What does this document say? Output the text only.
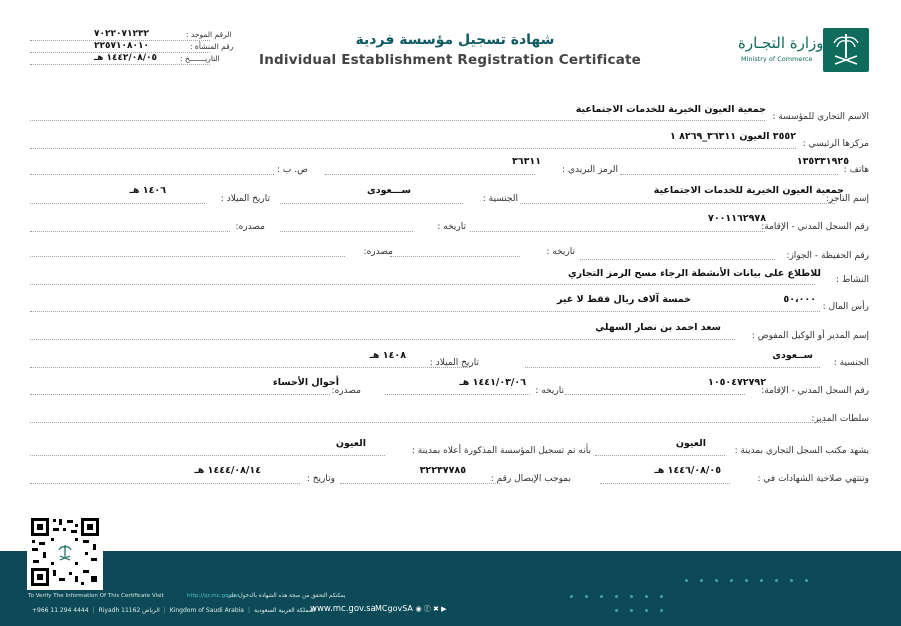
٧٠٢٢٠٧١٢٣٢	الرقم الموحد :
٢٢٥٧١٠٨٠١٠	رقم المنشأة :
١٤٤٢/٠٨/٠٥ هـ	التاريـــــــخ :
شهادة تسجيل مؤسسة فردية
Individual Establishment Registration Certificate
وزارة التجـارة
Ministry of Commerce
الاسم التجاري للمؤسسة :
جمعية العيون الخيرية للخدمات الاجتماعية
مركزها الرئيسي :
٣٥٥٢ العيون ٣٦٣١١_٨٢٦٩ ١
هاتف :
١٣٥٣٣١٩٢٥
الرمز البريدي :
٣٦٣١١
ص. ب :
إسم التاجر:
جمعية العيون الخيرية للخدمات الاجتماعية
الجنسية :
ســـعودى
تاريخ الميلاد :
١٤٠٦ هـ
رقم السجل المدني - الإقامة:
٧٠٠١١٦٢٩٧٨
تاريخه :
مصدره:
رقم الحفيظة - الجواز:
تاريخه :
مصدره:
النشاط :
للاطلاع على بيانات الأنشطة الرجاء مسح الرمز التجاري
رأس المال :
٥٠،٠٠٠
خمسة آلاف ريال فقط لا غير
إسم المدير أو الوكيل المفوض :
سعد احمد بن نصار السهلي
الجنسية :
ســعودى
تاريخ الميلاد :
١٤٠٨ هـ
رقم السجل المدني - الإقامة:
١٠٥٠٤٧٢٧٩٢
تاريخه :
١٤٤١/٠٣/٠٦ هـ
مصدره:
أحوال الأحساء
سلطات المدير:
يشهد مكتب السجل التجاري بمدينة :
العيون
بأنه تم تسجيل المؤسسة المذكورة أعلاه بمدينة :
العيون
وتنتهي صلاحية الشهادات في :
١٤٤٦/٠٨/٠٥ هـ
بموجب الإيصال رقم :
٣٢٢٣٧٧٨٥
وتاريخ :
١٤٤٤/٠٨/١٤ هـ
To Verify The Information Of This Certificate Visit	http://qr.mc.gov.sa
يمكنكم التحقق من صحة هذه الشهادة بالدخول على
+966 11 294 4444 | Riyadh 11162 الرياض | Kingdom of Saudi Arabia | المملكة العربية السعودية
www.mc.gov.sa MCgovSA ◉ ⓕ ✖ ▶
